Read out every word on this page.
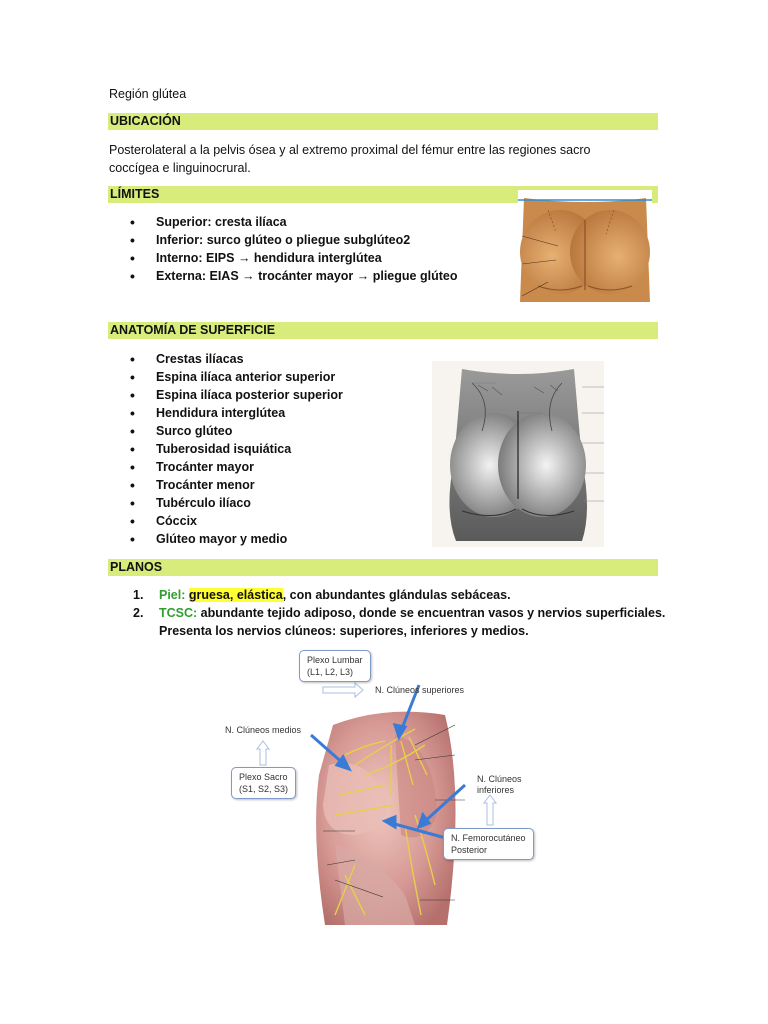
Región glútea
UBICACIÓN
Posterolateral a la pelvis ósea y al extremo proximal del fémur entre las regiones sacro
coccígea e linguinocrural.
LÍMITES
• Superior: cresta ilíaca
• Inferior: surco glúteo o pliegue subglúteo2
• Interno: EIPS → hendidura interglútea
• Externa: EIAS → trocánter mayor → pliegue glúteo
ANATOMÍA DE SUPERFICIE
• Crestas ilíacas
• Espina ilíaca anterior superior
• Espina ilíaca posterior superior
• Hendidura interglútea
• Surco glúteo
• Tuberosidad isquiática
• Trocánter mayor
• Trocánter menor
• Tubérculo ilíaco
• Cóccix
• Glúteo mayor y medio
PLANOS
1. Piel: gruesa, elástica, con abundantes glándulas sebáceas.
2. TCSC: abundante tejido adiposo, donde se encuentran vasos y nervios superficiales.
Presenta los nervios clúneos: superiores, inferiores y medios.
Plexo Lumbar
(L1, L2, L3)
N. Clúneos superiores
N. Clúneos medios
Plexo Sacro
(S1, S2, S3)
N. Clúneos
inferiores
N. Femorocutáneo
Posterior
